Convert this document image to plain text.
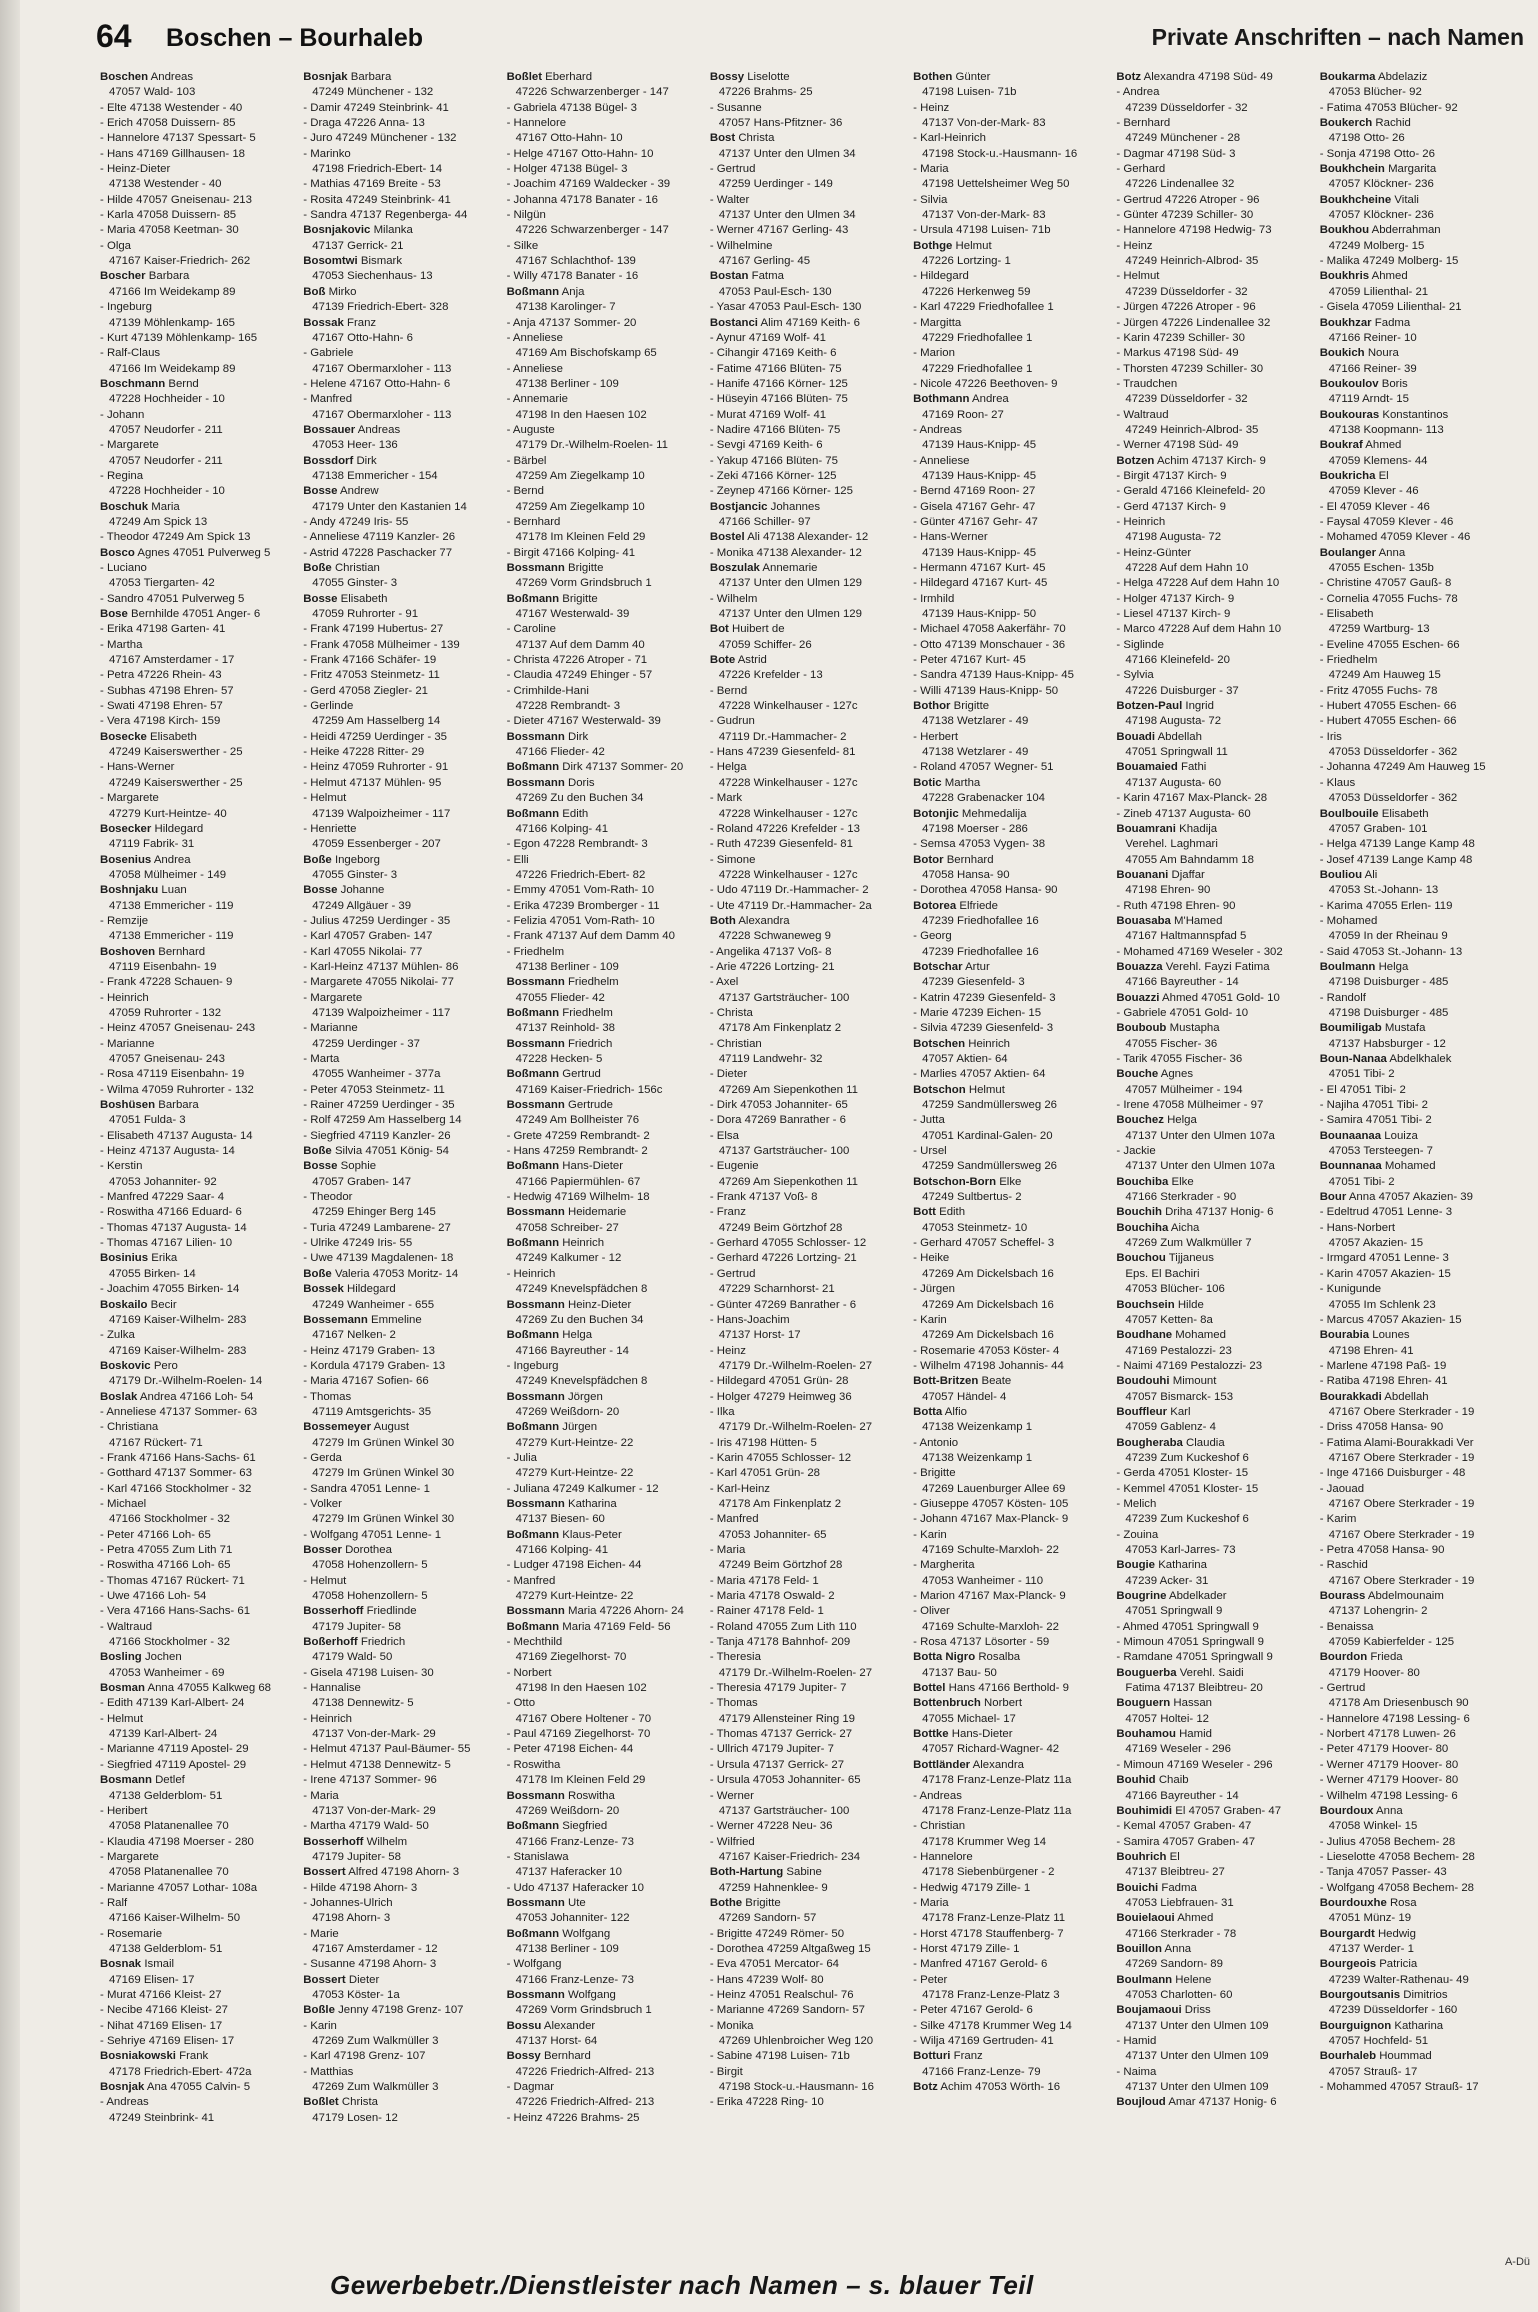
64 Boschen – Bourhaleb	Private Anschriften – nach Namen
Boschen Andreas
47057 Wald- 103
- Elte 47138 Westender - 40
- Erich 47058 Duissern- 85
- Hannelore 47137 Spessart- 5
- Hans 47169 Gillhausen- 18
- Heinz-Dieter
47138 Westender - 40
- Hilde 47057 Gneisenau- 213
- Karla 47058 Duissern- 85
- Maria 47058 Keetman- 30
- Olga
47167 Kaiser-Friedrich- 262
Boscher Barbara
47166 Im Weidekamp 89
- Ingeburg
47139 Möhlenkamp- 165
- Kurt 47139 Möhlenkamp- 165
- Ralf-Claus
47166 Im Weidekamp 89
Boschmann Bernd
47228 Hochheider - 10
- Johann
47057 Neudorfer - 211
- Margarete
47057 Neudorfer - 211
- Regina
47228 Hochheider - 10
Boschuk Maria
47249 Am Spick 13
- Theodor 47249 Am Spick 13
Bosco Agnes 47051 Pulverweg 5
- Luciano
47053 Tiergarten- 42
- Sandro 47051 Pulverweg 5
Bose Bernhilde 47051 Anger- 6
- Erika 47198 Garten- 41
- Martha
47167 Amsterdamer - 17
- Petra 47226 Rhein- 43
- Subhas 47198 Ehren- 57
- Swati 47198 Ehren- 57
- Vera 47198 Kirch- 159
Bosecke Elisabeth
47249 Kaiserswerther - 25
- Hans-Werner
47249 Kaiserswerther - 25
- Margarete
47279 Kurt-Heintze- 40
Bosecker Hildegard
47119 Fabrik- 31
Bosenius Andrea
47058 Mülheimer - 149
Boshnjaku Luan
47138 Emmericher - 119
- Remzije
47138 Emmericher - 119
Boshoven Bernhard
47119 Eisenbahn- 19
- Frank 47228 Schauen- 9
- Heinrich
47059 Ruhrorter - 132
- Heinz 47057 Gneisenau- 243
- Marianne
47057 Gneisenau- 243
- Rosa 47119 Eisenbahn- 19
- Wilma 47059 Ruhrorter - 132
Boshüsen Barbara
47051 Fulda- 3
- Elisabeth 47137 Augusta- 14
- Heinz 47137 Augusta- 14
- Kerstin
47053 Johanniter- 92
- Manfred 47229 Saar- 4
- Roswitha 47166 Eduard- 6
- Thomas 47137 Augusta- 14
- Thomas 47167 Lilien- 10
Bosinius Erika
47055 Birken- 14
- Joachim 47055 Birken- 14
Boskailo Becir
47169 Kaiser-Wilhelm- 283
- Zulka
47169 Kaiser-Wilhelm- 283
Boskovic Pero
47179 Dr.-Wilhelm-Roelen- 14
Boslak Andrea 47166 Loh- 54
- Anneliese 47137 Sommer- 63
- Christiana
47167 Rückert- 71
- Frank 47166 Hans-Sachs- 61
- Gotthard 47137 Sommer- 63
- Karl 47166 Stockholmer - 32
- Michael
47166 Stockholmer - 32
- Peter 47166 Loh- 65
- Petra 47055 Zum Lith 71
- Roswitha 47166 Loh- 65
- Thomas 47167 Rückert- 71
- Uwe 47166 Loh- 54
- Vera 47166 Hans-Sachs- 61
- Waltraud
47166 Stockholmer - 32
Bosling Jochen
47053 Wanheimer - 69
Bosman Anna 47055 Kalkweg 68
- Edith 47139 Karl-Albert- 24
- Helmut
47139 Karl-Albert- 24
- Marianne 47119 Apostel- 29
- Siegfried 47119 Apostel- 29
Bosmann Detlef
47138 Gelderblom- 51
- Heribert
47058 Platanenallee 70
- Klaudia 47198 Moerser - 280
- Margarete
47058 Platanenallee 70
- Marianne 47057 Lothar- 108a
- Ralf
47166 Kaiser-Wilhelm- 50
- Rosemarie
47138 Gelderblom- 51
Bosnak Ismail
47169 Elisen- 17
- Murat 47166 Kleist- 27
- Necibe 47166 Kleist- 27
- Nihat 47169 Elisen- 17
- Sehriye 47169 Elisen- 17
Bosniakowski Frank
47178 Friedrich-Ebert- 472a
Bosnjak Ana 47055 Calvin- 5
- Andreas
47249 Steinbrink- 41
Bosnjak Barbara
47249 Münchener - 132
- Damir 47249 Steinbrink- 41
- Draga 47226 Anna- 13
- Juro 47249 Münchener - 132
- Marinko
47198 Friedrich-Ebert- 14
- Mathias 47169 Breite - 53
- Rosita 47249 Steinbrink- 41
- Sandra 47137 Regenberga- 44
Bosnjakovic Milanka
47137 Gerrick- 21
Bosomtwi Bismark
47053 Siechenhaus- 13
Boß Mirko
47139 Friedrich-Ebert- 328
Bossak Franz
47167 Otto-Hahn- 6
- Gabriele
47167 Obermarxloher - 113
- Helene 47167 Otto-Hahn- 6
- Manfred
47167 Obermarxloher - 113
Bossauer Andreas
47053 Heer- 136
Bossdorf Dirk
47138 Emmericher - 154
Bosse Andrew
47179 Unter den Kastanien 14
- Andy 47249 Iris- 55
- Anneliese 47119 Kanzler- 26
- Astrid 47228 Paschacker 77
Boße Christian
47055 Ginster- 3
Bosse Elisabeth
47059 Ruhrorter - 91
- Frank 47199 Hubertus- 27
- Frank 47058 Mülheimer - 139
- Frank 47166 Schäfer- 19
- Fritz 47053 Steinmetz- 11
- Gerd 47058 Ziegler- 21
- Gerlinde
47259 Am Hasselberg 14
- Heidi 47259 Uerdinger - 35
- Heike 47228 Ritter- 29
- Heinz 47059 Ruhrorter - 91
- Helmut 47137 Mühlen- 95
- Helmut
47139 Walpoizheimer - 117
- Henriette
47059 Essenberger - 207
Boße Ingeborg
47055 Ginster- 3
Bosse Johanne
47249 Allgäuer - 39
- Julius 47259 Uerdinger - 35
- Karl 47057 Graben- 147
- Karl 47055 Nikolai- 77
- Karl-Heinz 47137 Mühlen- 86
- Margarete 47055 Nikolai- 77
- Margarete
47139 Walpoizheimer - 117
- Marianne
47259 Uerdinger - 37
- Marta
47055 Wanheimer - 377a
- Peter 47053 Steinmetz- 11
- Rainer 47259 Uerdinger - 35
- Rolf 47259 Am Hasselberg 14
- Siegfried 47119 Kanzler- 26
Boße Silvia 47051 König- 54
Bosse Sophie
47057 Graben- 147
- Theodor
47259 Ehinger Berg 145
- Turia 47249 Lambarene- 27
- Ulrike 47249 Iris- 55
- Uwe 47139 Magdalenen- 18
Boße Valeria 47053 Moritz- 14
Bossek Hildegard
47249 Wanheimer - 655
Bossemann Emmeline
47167 Nelken- 2
- Heinz 47179 Graben- 13
- Kordula 47179 Graben- 13
- Maria 47167 Sofien- 66
- Thomas
47119 Amtsgerichts- 35
Bossemeyer August
47279 Im Grünen Winkel 30
- Gerda
47279 Im Grünen Winkel 30
- Sandra 47051 Lenne- 1
- Volker
47279 Im Grünen Winkel 30
- Wolfgang 47051 Lenne- 1
Bosser Dorothea
47058 Hohenzollern- 5
- Helmut
47058 Hohenzollern- 5
Bosserhoff Friedlinde
47179 Jupiter- 58
Boßerhoff Friedrich
47179 Wald- 50
- Gisela 47198 Luisen- 30
- Hannalise
47138 Dennewitz- 5
- Heinrich
47137 Von-der-Mark- 29
- Helmut 47137 Paul-Bäumer- 55
- Helmut 47138 Dennewitz- 5
- Irene 47137 Sommer- 96
- Maria
47137 Von-der-Mark- 29
- Martha 47179 Wald- 50
Bosserhoff Wilhelm
47179 Jupiter- 58
Bossert Alfred 47198 Ahorn- 3
- Hilde 47198 Ahorn- 3
- Johannes-Ulrich
47198 Ahorn- 3
- Marie
47167 Amsterdamer - 12
- Susanne 47198 Ahorn- 3
Bossert Dieter
47053 Köster- 1a
Boßle Jenny 47198 Grenz- 107
- Karin
47269 Zum Walkmüller 3
- Karl 47198 Grenz- 107
- Matthias
47269 Zum Walkmüller 3
Boßlet Christa
47179 Losen- 12
Boßlet Eberhard
47226 Schwarzenberger - 147
- Gabriela 47138 Bügel- 3
- Hannelore
47167 Otto-Hahn- 10
- Helge 47167 Otto-Hahn- 10
- Holger 47138 Bügel- 3
- Joachim 47169 Waldecker - 39
- Johanna 47178 Banater - 16
- Nilgün
47226 Schwarzenberger - 147
- Silke
47167 Schlachthof- 139
- Willy 47178 Banater - 16
Boßmann Anja
47138 Karolinger- 7
- Anja 47137 Sommer- 20
- Anneliese
47169 Am Bischofskamp 65
- Anneliese
47138 Berliner - 109
- Annemarie
47198 In den Haesen 102
- Auguste
47179 Dr.-Wilhelm-Roelen- 11
- Bärbel
47259 Am Ziegelkamp 10
- Bernd
47259 Am Ziegelkamp 10
- Bernhard
47178 Im Kleinen Feld 29
- Birgit 47166 Kolping- 41
Bossmann Brigitte
47269 Vorm Grindsbruch 1
Boßmann Brigitte
47167 Westerwald- 39
- Caroline
47137 Auf dem Damm 40
- Christa 47226 Atroper - 71
- Claudia 47249 Ehinger - 57
- Crimhilde-Hani
47228 Rembrandt- 3
- Dieter 47167 Westerwald- 39
Bossmann Dirk
47166 Flieder- 42
Boßmann Dirk 47137 Sommer- 20
Bossmann Doris
47269 Zu den Buchen 34
Boßmann Edith
47166 Kolping- 41
- Egon 47228 Rembrandt- 3
- Elli
47226 Friedrich-Ebert- 82
- Emmy 47051 Vom-Rath- 10
- Erika 47239 Bromberger - 11
- Felizia 47051 Vom-Rath- 10
- Frank 47137 Auf dem Damm 40
- Friedhelm
47138 Berliner - 109
Bossmann Friedhelm
47055 Flieder- 42
Boßmann Friedhelm
47137 Reinhold- 38
Bossmann Friedrich
47228 Hecken- 5
Boßmann Gertrud
47169 Kaiser-Friedrich- 156c
Bossmann Gertrude
47249 Am Bollheister 76
- Grete 47259 Rembrandt- 2
- Hans 47259 Rembrandt- 2
Boßmann Hans-Dieter
47166 Papiermühlen- 67
- Hedwig 47169 Wilhelm- 18
Bossmann Heidemarie
47058 Schreiber- 27
Boßmann Heinrich
47249 Kalkumer - 12
- Heinrich
47249 Knevelspfädchen 8
Bossmann Heinz-Dieter
47269 Zu den Buchen 34
Boßmann Helga
47166 Bayreuther - 14
- Ingeburg
47249 Knevelspfädchen 8
Bossmann Jörgen
47269 Weißdorn- 20
Boßmann Jürgen
47279 Kurt-Heintze- 22
- Julia
47279 Kurt-Heintze- 22
- Juliana 47249 Kalkumer - 12
Bossmann Katharina
47137 Biesen- 60
Boßmann Klaus-Peter
47166 Kolping- 41
- Ludger 47198 Eichen- 44
- Manfred
47279 Kurt-Heintze- 22
Bossmann Maria 47226 Ahorn- 24
Boßmann Maria 47169 Feld- 56
- Mechthild
47169 Ziegelhorst- 70
- Norbert
47198 In den Haesen 102
- Otto
47167 Obere Holtener - 70
- Paul 47169 Ziegelhorst- 70
- Peter 47198 Eichen- 44
- Roswitha
47178 Im Kleinen Feld 29
Bossmann Roswitha
47269 Weißdorn- 20
Boßmann Siegfried
47166 Franz-Lenze- 73
- Stanislawa
47137 Haferacker 10
- Udo 47137 Haferacker 10
Bossmann Ute
47053 Johanniter- 122
Boßmann Wolfgang
47138 Berliner - 109
- Wolfgang
47166 Franz-Lenze- 73
Bossmann Wolfgang
47269 Vorm Grindsbruch 1
Bossu Alexander
47137 Horst- 64
Bossy Bernhard
47226 Friedrich-Alfred- 213
- Dagmar
47226 Friedrich-Alfred- 213
- Heinz 47226 Brahms- 25
Bossy Liselotte
47226 Brahms- 25
- Susanne
47057 Hans-Pfitzner- 36
Bost Christa
47137 Unter den Ulmen 34
- Gertrud
47259 Uerdinger - 149
- Walter
47137 Unter den Ulmen 34
- Werner 47167 Gerling- 43
- Wilhelmine
47167 Gerling- 45
Bostan Fatma
47053 Paul-Esch- 130
- Yasar 47053 Paul-Esch- 130
Bostanci Alim 47169 Keith- 6
- Aynur 47169 Wolf- 41
- Cihangir 47169 Keith- 6
- Fatime 47166 Blüten- 75
- Hanife 47166 Körner- 125
- Hüseyin 47166 Blüten- 75
- Murat 47169 Wolf- 41
- Nadire 47166 Blüten- 75
- Sevgi 47169 Keith- 6
- Yakup 47166 Blüten- 75
- Zeki 47166 Körner- 125
- Zeynep 47166 Körner- 125
Bostjancic Johannes
47166 Schiller- 97
Bostel Ali 47138 Alexander- 12
- Monika 47138 Alexander- 12
Boszulak Annemarie
47137 Unter den Ulmen 129
- Wilhelm
47137 Unter den Ulmen 129
Bot Huibert de
47059 Schiffer- 26
Bote Astrid
47226 Krefelder - 13
- Bernd
47228 Winkelhauser - 127c
- Gudrun
47119 Dr.-Hammacher- 2
- Hans 47239 Giesenfeld- 81
- Helga
47228 Winkelhauser - 127c
- Mark
47228 Winkelhauser - 127c
- Roland 47226 Krefelder - 13
- Ruth 47239 Giesenfeld- 81
- Simone
47228 Winkelhauser - 127c
- Udo 47119 Dr.-Hammacher- 2
- Ute 47119 Dr.-Hammacher- 2a
Both Alexandra
47228 Schwaneweg 9
- Angelika 47137 Voß- 8
- Arie 47226 Lortzing- 21
- Axel
47137 Gartsträucher- 100
- Christa
47178 Am Finkenplatz 2
- Christian
47119 Landwehr- 32
- Dieter
47269 Am Siepenkothen 11
- Dirk 47053 Johanniter- 65
- Dora 47269 Banrather - 6
- Elsa
47137 Gartsträucher- 100
- Eugenie
47269 Am Siepenkothen 11
- Frank 47137 Voß- 8
- Franz
47249 Beim Görtzhof 28
- Gerhard 47055 Schlosser- 12
- Gerhard 47226 Lortzing- 21
- Gertrud
47229 Scharnhorst- 21
- Günter 47269 Banrather - 6
- Hans-Joachim
47137 Horst- 17
- Heinz
47179 Dr.-Wilhelm-Roelen- 27
- Hildegard 47051 Grün- 28
- Holger 47279 Heimweg 36
- Ilka
47179 Dr.-Wilhelm-Roelen- 27
- Iris 47198 Hütten- 5
- Karin 47055 Schlosser- 12
- Karl 47051 Grün- 28
- Karl-Heinz
47178 Am Finkenplatz 2
- Manfred
47053 Johanniter- 65
- Maria
47249 Beim Görtzhof 28
- Maria 47178 Feld- 1
- Maria 47178 Oswald- 2
- Rainer 47178 Feld- 1
- Roland 47055 Zum Lith 110
- Tanja 47178 Bahnhof- 209
- Theresia
47179 Dr.-Wilhelm-Roelen- 27
- Theresia 47179 Jupiter- 7
- Thomas
47179 Allensteiner Ring 19
- Thomas 47137 Gerrick- 27
- Ullrich 47179 Jupiter- 7
- Ursula 47137 Gerrick- 27
- Ursula 47053 Johanniter- 65
- Werner
47137 Gartsträucher- 100
- Werner 47228 Neu- 36
- Wilfried
47167 Kaiser-Friedrich- 234
Both-Hartung Sabine
47259 Hahnenklee- 9
Bothe Brigitte
47269 Sandorn- 57
- Brigitte 47249 Römer- 50
- Dorothea 47259 Altgaßweg 15
- Eva 47051 Mercator- 64
- Hans 47239 Wolf- 80
- Heinz 47051 Realschul- 76
- Marianne 47269 Sandorn- 57
- Monika
47269 Uhlenbroicher Weg 120
- Sabine 47198 Luisen- 71b
- Birgit
47198 Stock-u.-Hausmann- 16
- Erika 47228 Ring- 10
Bothen Günter
47198 Luisen- 71b
- Heinz
47137 Von-der-Mark- 83
- Karl-Heinrich
47198 Stock-u.-Hausmann- 16
- Maria
47198 Uettelsheimer Weg 50
- Silvia
47137 Von-der-Mark- 83
- Ursula 47198 Luisen- 71b
Bothge Helmut
47226 Lortzing- 1
- Hildegard
47226 Herkenweg 59
- Karl 47229 Friedhofallee 1
- Margitta
47229 Friedhofallee 1
- Marion
47229 Friedhofallee 1
- Nicole 47226 Beethoven- 9
Bothmann Andrea
47169 Roon- 27
- Andreas
47139 Haus-Knipp- 45
- Anneliese
47139 Haus-Knipp- 45
- Bernd 47169 Roon- 27
- Gisela 47167 Gehr- 47
- Günter 47167 Gehr- 47
- Hans-Werner
47139 Haus-Knipp- 45
- Hermann 47167 Kurt- 45
- Hildegard 47167 Kurt- 45
- Irmhild
47139 Haus-Knipp- 50
- Michael 47058 Aakerfähr- 70
- Otto 47139 Monschauer - 36
- Peter 47167 Kurt- 45
- Sandra 47139 Haus-Knipp- 45
- Willi 47139 Haus-Knipp- 50
Bothor Brigitte
47138 Wetzlarer - 49
- Herbert
47138 Wetzlarer - 49
- Roland 47057 Wegner- 51
Botic Martha
47228 Grabenacker 104
Botonjic Mehmedalija
47198 Moerser - 286
- Semsa 47053 Vygen- 38
Botor Bernhard
47058 Hansa- 90
- Dorothea 47058 Hansa- 90
Botorea Elfriede
47239 Friedhofallee 16
- Georg
47239 Friedhofallee 16
Botschar Artur
47239 Giesenfeld- 3
- Katrin 47239 Giesenfeld- 3
- Marie 47239 Eichen- 15
- Silvia 47239 Giesenfeld- 3
Botschen Heinrich
47057 Aktien- 64
- Marlies 47057 Aktien- 64
Botschon Helmut
47259 Sandmüllersweg 26
- Jutta
47051 Kardinal-Galen- 20
- Ursel
47259 Sandmüllersweg 26
Botschon-Born Elke
47249 Sultbertus- 2
Bott Edith
47053 Steinmetz- 10
- Gerhard 47057 Scheffel- 3
- Heike
47269 Am Dickelsbach 16
- Jürgen
47269 Am Dickelsbach 16
- Karin
47269 Am Dickelsbach 16
- Rosemarie 47053 Köster- 4
- Wilhelm 47198 Johannis- 44
Bott-Britzen Beate
47057 Händel- 4
Botta Alfio
47138 Weizenkamp 1
- Antonio
47138 Weizenkamp 1
- Brigitte
47269 Lauenburger Allee 69
- Giuseppe 47057 Kösten- 105
- Johann 47167 Max-Planck- 9
- Karin
47169 Schulte-Marxloh- 22
- Margherita
47053 Wanheimer - 110
- Marion 47167 Max-Planck- 9
- Oliver
47169 Schulte-Marxloh- 22
- Rosa 47137 Lösorter - 59
Botta Nigro Rosalba
47137 Bau- 50
Bottel Hans 47166 Berthold- 9
Bottenbruch Norbert
47055 Michael- 17
Bottke Hans-Dieter
47057 Richard-Wagner- 42
Bottländer Alexandra
47178 Franz-Lenze-Platz 11a
- Andreas
47178 Franz-Lenze-Platz 11a
- Christian
47178 Krummer Weg 14
- Hannelore
47178 Siebenbürgener - 2
- Hedwig 47179 Zille- 1
- Maria
47178 Franz-Lenze-Platz 11
- Horst 47178 Stauffenberg- 7
- Horst 47179 Zille- 1
- Manfred 47167 Gerold- 6
- Peter
47178 Franz-Lenze-Platz 3
- Peter 47167 Gerold- 6
- Silke 47178 Krummer Weg 14
- Wilja 47169 Gertruden- 41
Botturi Franz
47166 Franz-Lenze- 79
Botz Achim 47053 Wörth- 16
Botz Alexandra 47198 Süd- 49
- Andrea
47239 Düsseldorfer - 32
- Bernhard
47249 Münchener - 28
- Dagmar 47198 Süd- 3
- Gerhard
47226 Lindenallee 32
- Gertrud 47226 Atroper - 96
- Günter 47239 Schiller- 30
- Hannelore 47198 Hedwig- 73
- Heinz
47249 Heinrich-Albrod- 35
- Helmut
47239 Düsseldorfer - 32
- Jürgen 47226 Atroper - 96
- Jürgen 47226 Lindenallee 32
- Karin 47239 Schiller- 30
- Markus 47198 Süd- 49
- Thorsten 47239 Schiller- 30
- Traudchen
47239 Düsseldorfer - 32
- Waltraud
47249 Heinrich-Albrod- 35
- Werner 47198 Süd- 49
Botzen Achim 47137 Kirch- 9
- Birgit 47137 Kirch- 9
- Gerald 47166 Kleinefeld- 20
- Gerd 47137 Kirch- 9
- Heinrich
47198 Augusta- 72
- Heinz-Günter
47228 Auf dem Hahn 10
- Helga 47228 Auf dem Hahn 10
- Holger 47137 Kirch- 9
- Liesel 47137 Kirch- 9
- Marco 47228 Auf dem Hahn 10
- Siglinde
47166 Kleinefeld- 20
- Sylvia
47226 Duisburger - 37
Botzen-Paul Ingrid
47198 Augusta- 72
Bouadi Abdellah
47051 Springwall 11
Bouamaied Fathi
47137 Augusta- 60
- Karin 47167 Max-Planck- 28
- Zineb 47137 Augusta- 60
Bouamrani Khadija
Verehel. Laghmari
47055 Am Bahndamm 18
Bouanani Djaffar
47198 Ehren- 90
- Ruth 47198 Ehren- 90
Bouasaba M'Hamed
47167 Haltmannspfad 5
- Mohamed 47169 Weseler - 302
Bouazza Verehl. Fayzi Fatima
47166 Bayreuther - 14
Bouazzi Ahmed 47051 Gold- 10
- Gabriele 47051 Gold- 10
Bouboub Mustapha
47055 Fischer- 36
- Tarik 47055 Fischer- 36
Bouche Agnes
47057 Mülheimer - 194
- Irene 47058 Mülheimer - 97
Bouchez Helga
47137 Unter den Ulmen 107a
- Jackie
47137 Unter den Ulmen 107a
Bouchiba Elke
47166 Sterkrader - 90
Bouchih Driha 47137 Honig- 6
Bouchiha Aicha
47269 Zum Walkmüller 7
Bouchou Tijjaneus
Eps. El Bachiri
47053 Blücher- 106
Bouchsein Hilde
47057 Ketten- 8a
Boudhane Mohamed
47169 Pestalozzi- 23
- Naimi 47169 Pestalozzi- 23
Boudouhi Mimount
47057 Bismarck- 153
Bouffleur Karl
47059 Gablenz- 4
Bougheraba Claudia
47239 Zum Kuckeshof 6
- Gerda 47051 Kloster- 15
- Kemmel 47051 Kloster- 15
- Melich
47239 Zum Kuckeshof 6
- Zouina
47053 Karl-Jarres- 73
Bougie Katharina
47239 Acker- 31
Bougrine Abdelkader
47051 Springwall 9
- Ahmed 47051 Springwall 9
- Mimoun 47051 Springwall 9
- Ramdane 47051 Springwall 9
Bouguerba Verehl. Saidi
Fatima 47137 Bleibtreu- 20
Bouguern Hassan
47057 Holtei- 12
Bouhamou Hamid
47169 Weseler - 296
- Mimoun 47169 Weseler - 296
Bouhid Chaib
47166 Bayreuther - 14
Bouhimidi El 47057 Graben- 47
- Kemal 47057 Graben- 47
- Samira 47057 Graben- 47
Bouhrich El
47137 Bleibtreu- 27
Bouichi Fadma
47053 Liebfrauen- 31
Bouielaoui Ahmed
47166 Sterkrader - 78
Bouillon Anna
47269 Sandorn- 89
Boulmann Helene
47053 Charlotten- 60
Boujamaoui Driss
47137 Unter den Ulmen 109
- Hamid
47137 Unter den Ulmen 109
- Naima
47137 Unter den Ulmen 109
Boujloud Amar 47137 Honig- 6
Boukarma Abdelaziz
47053 Blücher- 92
- Fatima 47053 Blücher- 92
Boukerch Rachid
47198 Otto- 26
- Sonja 47198 Otto- 26
Boukhchein Margarita
47057 Klöckner- 236
Boukhcheine Vitali
47057 Klöckner- 236
Boukhou Abderrahman
47249 Molberg- 15
- Malika 47249 Molberg- 15
Boukhris Ahmed
47059 Lilienthal- 21
- Gisela 47059 Lilienthal- 21
Boukhzar Fadma
47166 Reiner- 10
Boukich Noura
47166 Reiner- 39
Boukoulov Boris
47119 Arndt- 15
Boukouras Konstantinos
47138 Koopmann- 113
Boukraf Ahmed
47059 Klemens- 44
Boukricha El
47059 Klever - 46
- El 47059 Klever - 46
- Faysal 47059 Klever - 46
- Mohamed 47059 Klever - 46
Boulanger Anna
47055 Eschen- 135b
- Christine 47057 Gauß- 8
- Cornelia 47055 Fuchs- 78
- Elisabeth
47259 Wartburg- 13
- Eveline 47055 Eschen- 66
- Friedhelm
47249 Am Hauweg 15
- Fritz 47055 Fuchs- 78
- Hubert 47055 Eschen- 66
- Hubert 47055 Eschen- 66
- Iris
47053 Düsseldorfer - 362
- Johanna 47249 Am Hauweg 15
- Klaus
47053 Düsseldorfer - 362
Boulbouile Elisabeth
47057 Graben- 101
- Helga 47139 Lange Kamp 48
- Josef 47139 Lange Kamp 48
Bouliou Ali
47053 St.-Johann- 13
- Karima 47055 Erlen- 119
- Mohamed
47059 In der Rheinau 9
- Said 47053 St.-Johann- 13
Boulmann Helga
47198 Duisburger - 485
- Randolf
47198 Duisburger - 485
Boumiligab Mustafa
47137 Habsburger - 12
Boun-Nanaa Abdelkhalek
47051 Tibi- 2
- El 47051 Tibi- 2
- Najiha 47051 Tibi- 2
- Samira 47051 Tibi- 2
Bounaanaa Louiza
47053 Tersteegen- 7
Bounnanaa Mohamed
47051 Tibi- 2
Bour Anna 47057 Akazien- 39
- Edeltrud 47051 Lenne- 3
- Hans-Norbert
47057 Akazien- 15
- Irmgard 47051 Lenne- 3
- Karin 47057 Akazien- 15
- Kunigunde
47055 Im Schlenk 23
- Marcus 47057 Akazien- 15
Bourabia Lounes
47198 Ehren- 41
- Marlene 47198 Paß- 19
- Ratiba 47198 Ehren- 41
Bourakkadi Abdellah
47167 Obere Sterkrader - 19
- Driss 47058 Hansa- 90
- Fatima Alami-Bourakkadi Ver
47167 Obere Sterkrader - 19
- Inge 47166 Duisburger - 48
- Jaouad
47167 Obere Sterkrader - 19
- Karim
47167 Obere Sterkrader - 19
- Petra 47058 Hansa- 90
- Raschid
47167 Obere Sterkrader - 19
Bourass Abdelmounaim
47137 Lohengrin- 2
- Benaissa
47059 Kabierfelder - 125
Bourdon Frieda
47179 Hoover- 80
- Gertrud
47178 Am Driesenbusch 90
- Hannelore 47198 Lessing- 6
- Norbert 47178 Luwen- 26
- Peter 47179 Hoover- 80
- Werner 47179 Hoover- 80
- Werner 47179 Hoover- 80
- Wilhelm 47198 Lessing- 6
Bourdoux Anna
47058 Winkel- 15
- Julius 47058 Bechem- 28
- Lieselotte 47058 Bechem- 28
- Tanja 47057 Passer- 43
- Wolfgang 47058 Bechem- 28
Bourdouxhe Rosa
47051 Münz- 19
Bourgardt Hedwig
47137 Werder- 1
Bourgeois Patricia
47239 Walter-Rathenau- 49
Bourgoutsanis Dimitrios
47239 Düsseldorfer - 160
Bourguignon Katharina
47057 Hochfeld- 51
Bourhaleb Hoummad
47057 Strauß- 17
- Mohammed 47057 Strauß- 17
Gewerbebetr./Dienstleister nach Namen – s. blauer Teil
A-Dü
